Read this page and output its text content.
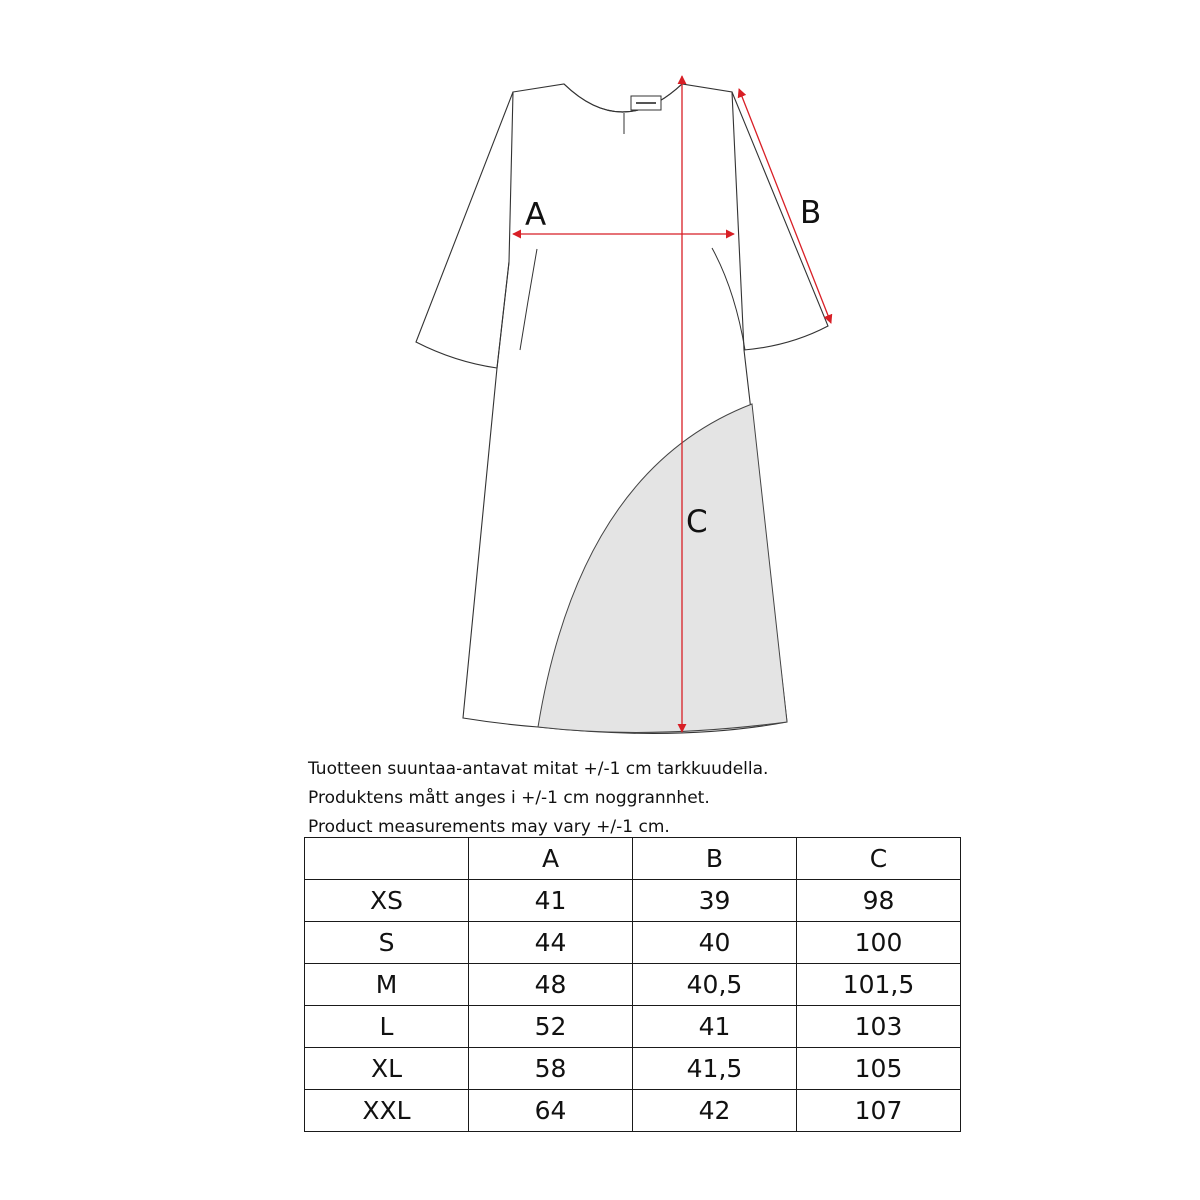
A	B
C
Tuotteen suuntaa-antavat mitat +/-1 cm tarkkuudella.
Produktens mått anges i +/-1 cm noggrannhet.
Product measurements may vary +/-1 cm.
	A	B	C
XS	41	39	98
S	44	40	100
M	48	40,5	101,5
L	52	41	103
XL	58	41,5	105
XXL	64	42	107
